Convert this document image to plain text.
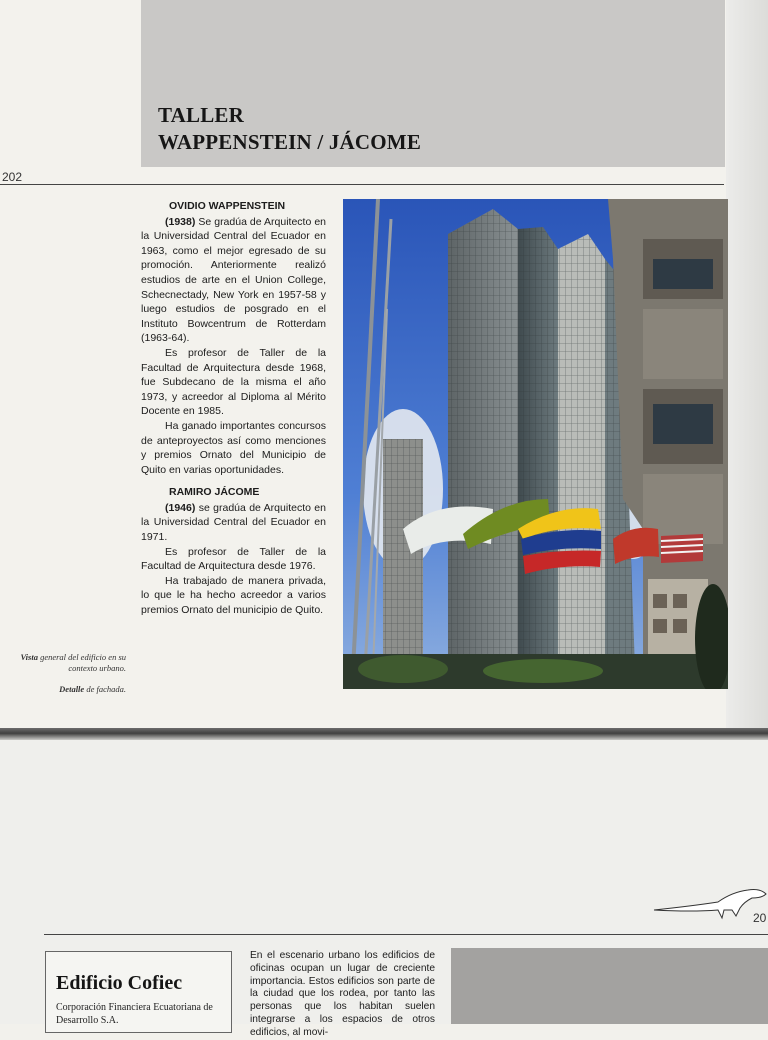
TALLER
WAPPENSTEIN / JÁCOME
202

OVIDIO WAPPENSTEIN

(1938) Se gradúa de Arquitecto en la Universidad Central del Ecuador en 1963, como el mejor egresado de su promoción. Anteriormente realizó estudios de arte en el Union College, Schecnectady, New York en 1957-58 y luego estudios de posgrado en el Instituto Bowcentrum de Rotterdam (1963-64).

Es profesor de Taller de la Facultad de Arquitectura desde 1968, fue Subdecano de la misma el año 1973, y acreedor al Diploma al Mérito Docente en 1985.

Ha ganado importantes concursos de anteproyectos así como menciones y premios Ornato del Municipio de Quito en varias oportunidades.

RAMIRO JÁCOME

(1946) se gradúa de Arquitecto en la Universidad Central del Ecuador en 1971.

Es profesor de Taller de la Facultad de Arquitectura desde 1976.

Ha trabajado de manera privada, lo que le ha hecho acreedor a varios premios Ornato del municipio de Quito.

Vista general del edificio en su contexto urbano.
Detalle de fachada.
20
Edificio Cofiec
Corporación Financiera Ecuatoriana de Desarrollo S.A.
En el escenario urbano los edificios de oficinas ocupan un lugar de creciente importancia. Estos edificios son parte de la ciudad que los rodea, por tanto las personas que los habitan suelen integrarse a los espacios de otros edificios, al movi-
